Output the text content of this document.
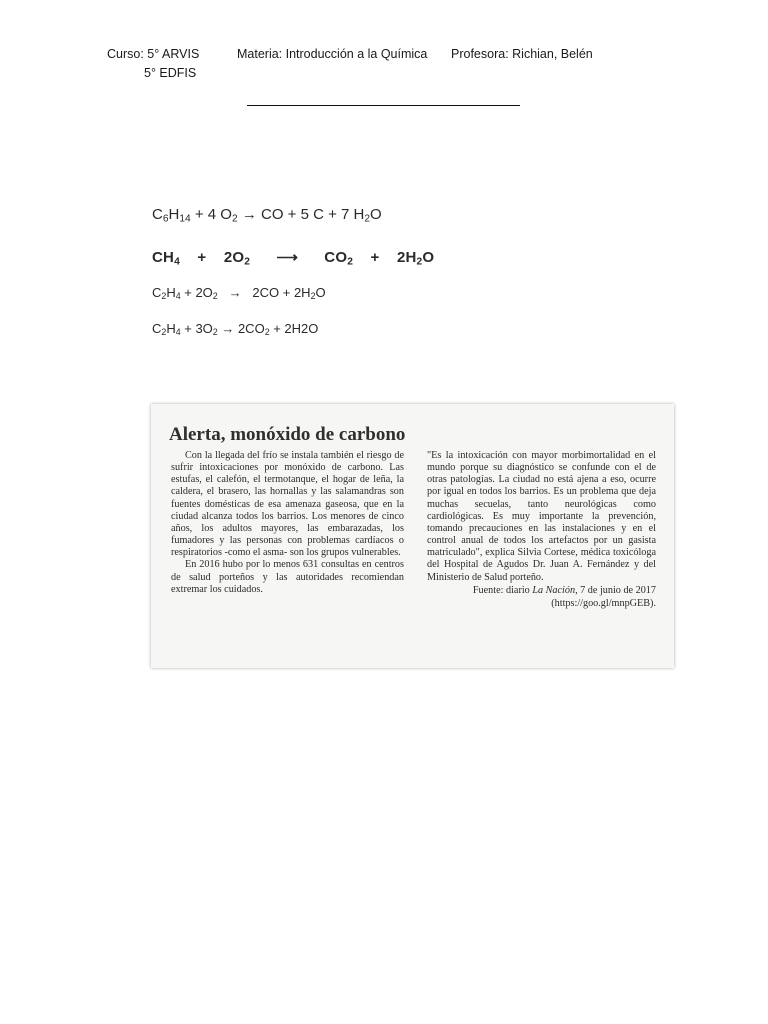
Curso: 5° ARVIS
5° EDFIS
Materia: Introducción a la Química Profesora: Richian, Belén
$C_6H_{14} + 4$ $O_2$ → CO + 5 C + 7 $H_2O$
$CH_4$    +    $2O_2$ ⟶      $CO_2$    +    $2H_2O$
$C_2H_4 + 2O_2 \to 2CO + 2H_2O$
$C_2H_4 + 3O_2 \to 2CO_2 + 2H2O$
Alerta, monóxido de carbono

Con la llegada del frío se instala también el riesgo de sufrir intoxicaciones por monóxido de carbono. Las estufas, el calefón, el termotanque, el hogar de leña, la caldera, el brasero, las hornallas y las salamandras son fuentes domésticas de esa amenaza gaseosa, que en la ciudad alcanza todos los barrios. Los menores de cinco años, los adultos mayores, las embarazadas, los fumadores y las personas con problemas cardíacos o respiratorios -como el asma- son los grupos vulnerables.

En 2016 hubo por lo menos 631 consultas en centros de salud porteños y las autoridades recomiendan extremar los cuidados.

"Es la intoxicación con mayor morbimortalidad en el mundo porque su diagnóstico se confunde con el de otras patologías. La ciudad no está ajena a eso, ocurre por igual en todos los barrios. Es un problema que deja muchas secuelas, tanto neurológicas como cardiológicas. Es muy importante la prevención, tomando precauciones en las instalaciones y en el control anual de todos los artefactos por un gasista matriculado", explica Silvia Cortese, médica toxicóloga del Hospital de Agudos Dr. Juan A. Fernández y del Ministerio de Salud porteño.

Fuente: diario La Nación, 7 de junio de 2017
(https://goo.gl/mnpGEB).
